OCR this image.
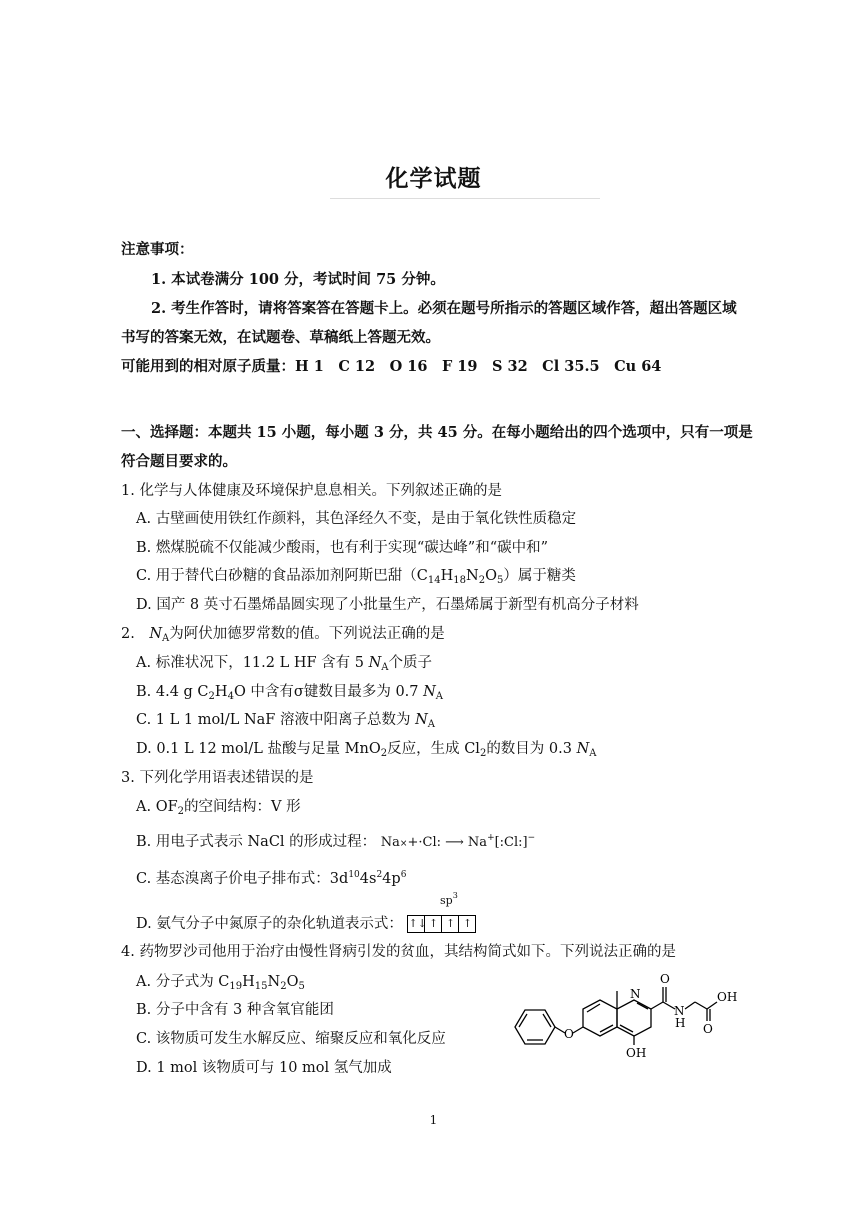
化学试题
注意事项：
1. 本试卷满分 100 分，考试时间 75 分钟。
2. 考生作答时，请将答案答在答题卡上。必须在题号所指示的答题区域作答，超出答题区域
书写的答案无效，在试题卷、草稿纸上答题无效。
可能用到的相对原子质量：H 1　C 12　O 16　F 19　S 32　Cl 35.5　Cu 64
一、选择题：本题共 15 小题，每小题 3 分，共 45 分。在每小题给出的四个选项中，只有一项是
符合题目要求的。
1. 化学与人体健康及环境保护息息相关。下列叙述正确的是
A. 古壁画使用铁红作颜料，其色泽经久不变，是由于氧化铁性质稳定
B. 燃煤脱硫不仅能减少酸雨，也有利于实现“碳达峰”和“碳中和”
C. 用于替代白砂糖的食品添加剂阿斯巴甜$(C_{14}H_{18}N_2O_5)$属于糖类
D. 国产 8 英寸石墨烯晶圆实现了小批量生产，石墨烯属于新型有机高分子材料
2.　$N_A$为阿伏加德罗常数的值。下列说法正确的是
A. 标准状况下，11.2 L HF 含有 5 $N_A$个质子
B. 4.4 g $C_2H_4O$ 中含有σ键数目最多为 0.7 $N_A$
C. 1 L 1 mol/L NaF 溶液中阳离子总数为 $N_A$
D. 0.1 L 12 mol/L 盐酸与足量 MnO$_2$反应，生成 $Cl_2$的数目为 0.3 $N_A$
3. 下列化学用语表述错误的是
A. $OF_2$的空间结构：V 形
B. 用电子式表示 NaCl 的形成过程： Na×+·Cl: ⟶ Na+[:Cl:]−
C. 基态溴离子价电子排布式：$3d^{10}4s^24p^6$
$sp^3$
D. 氨气分子中氮原子的杂化轨道表示式： ↑↓ ↑ ↑ ↑
4. 药物罗沙司他用于治疗由慢性肾病引发的贫血，其结构简式如下。下列说法正确的是
A. 分子式为 $C_{19}H_{15}N_2O_5$
B. 分子中含有 3 种含氧官能团
C. 该物质可发生水解反应、缩聚反应和氧化反应
D. 1 mol 该物质可与 10 mol 氢气加成
O
N
O
N
H
OH
O
OH
1
